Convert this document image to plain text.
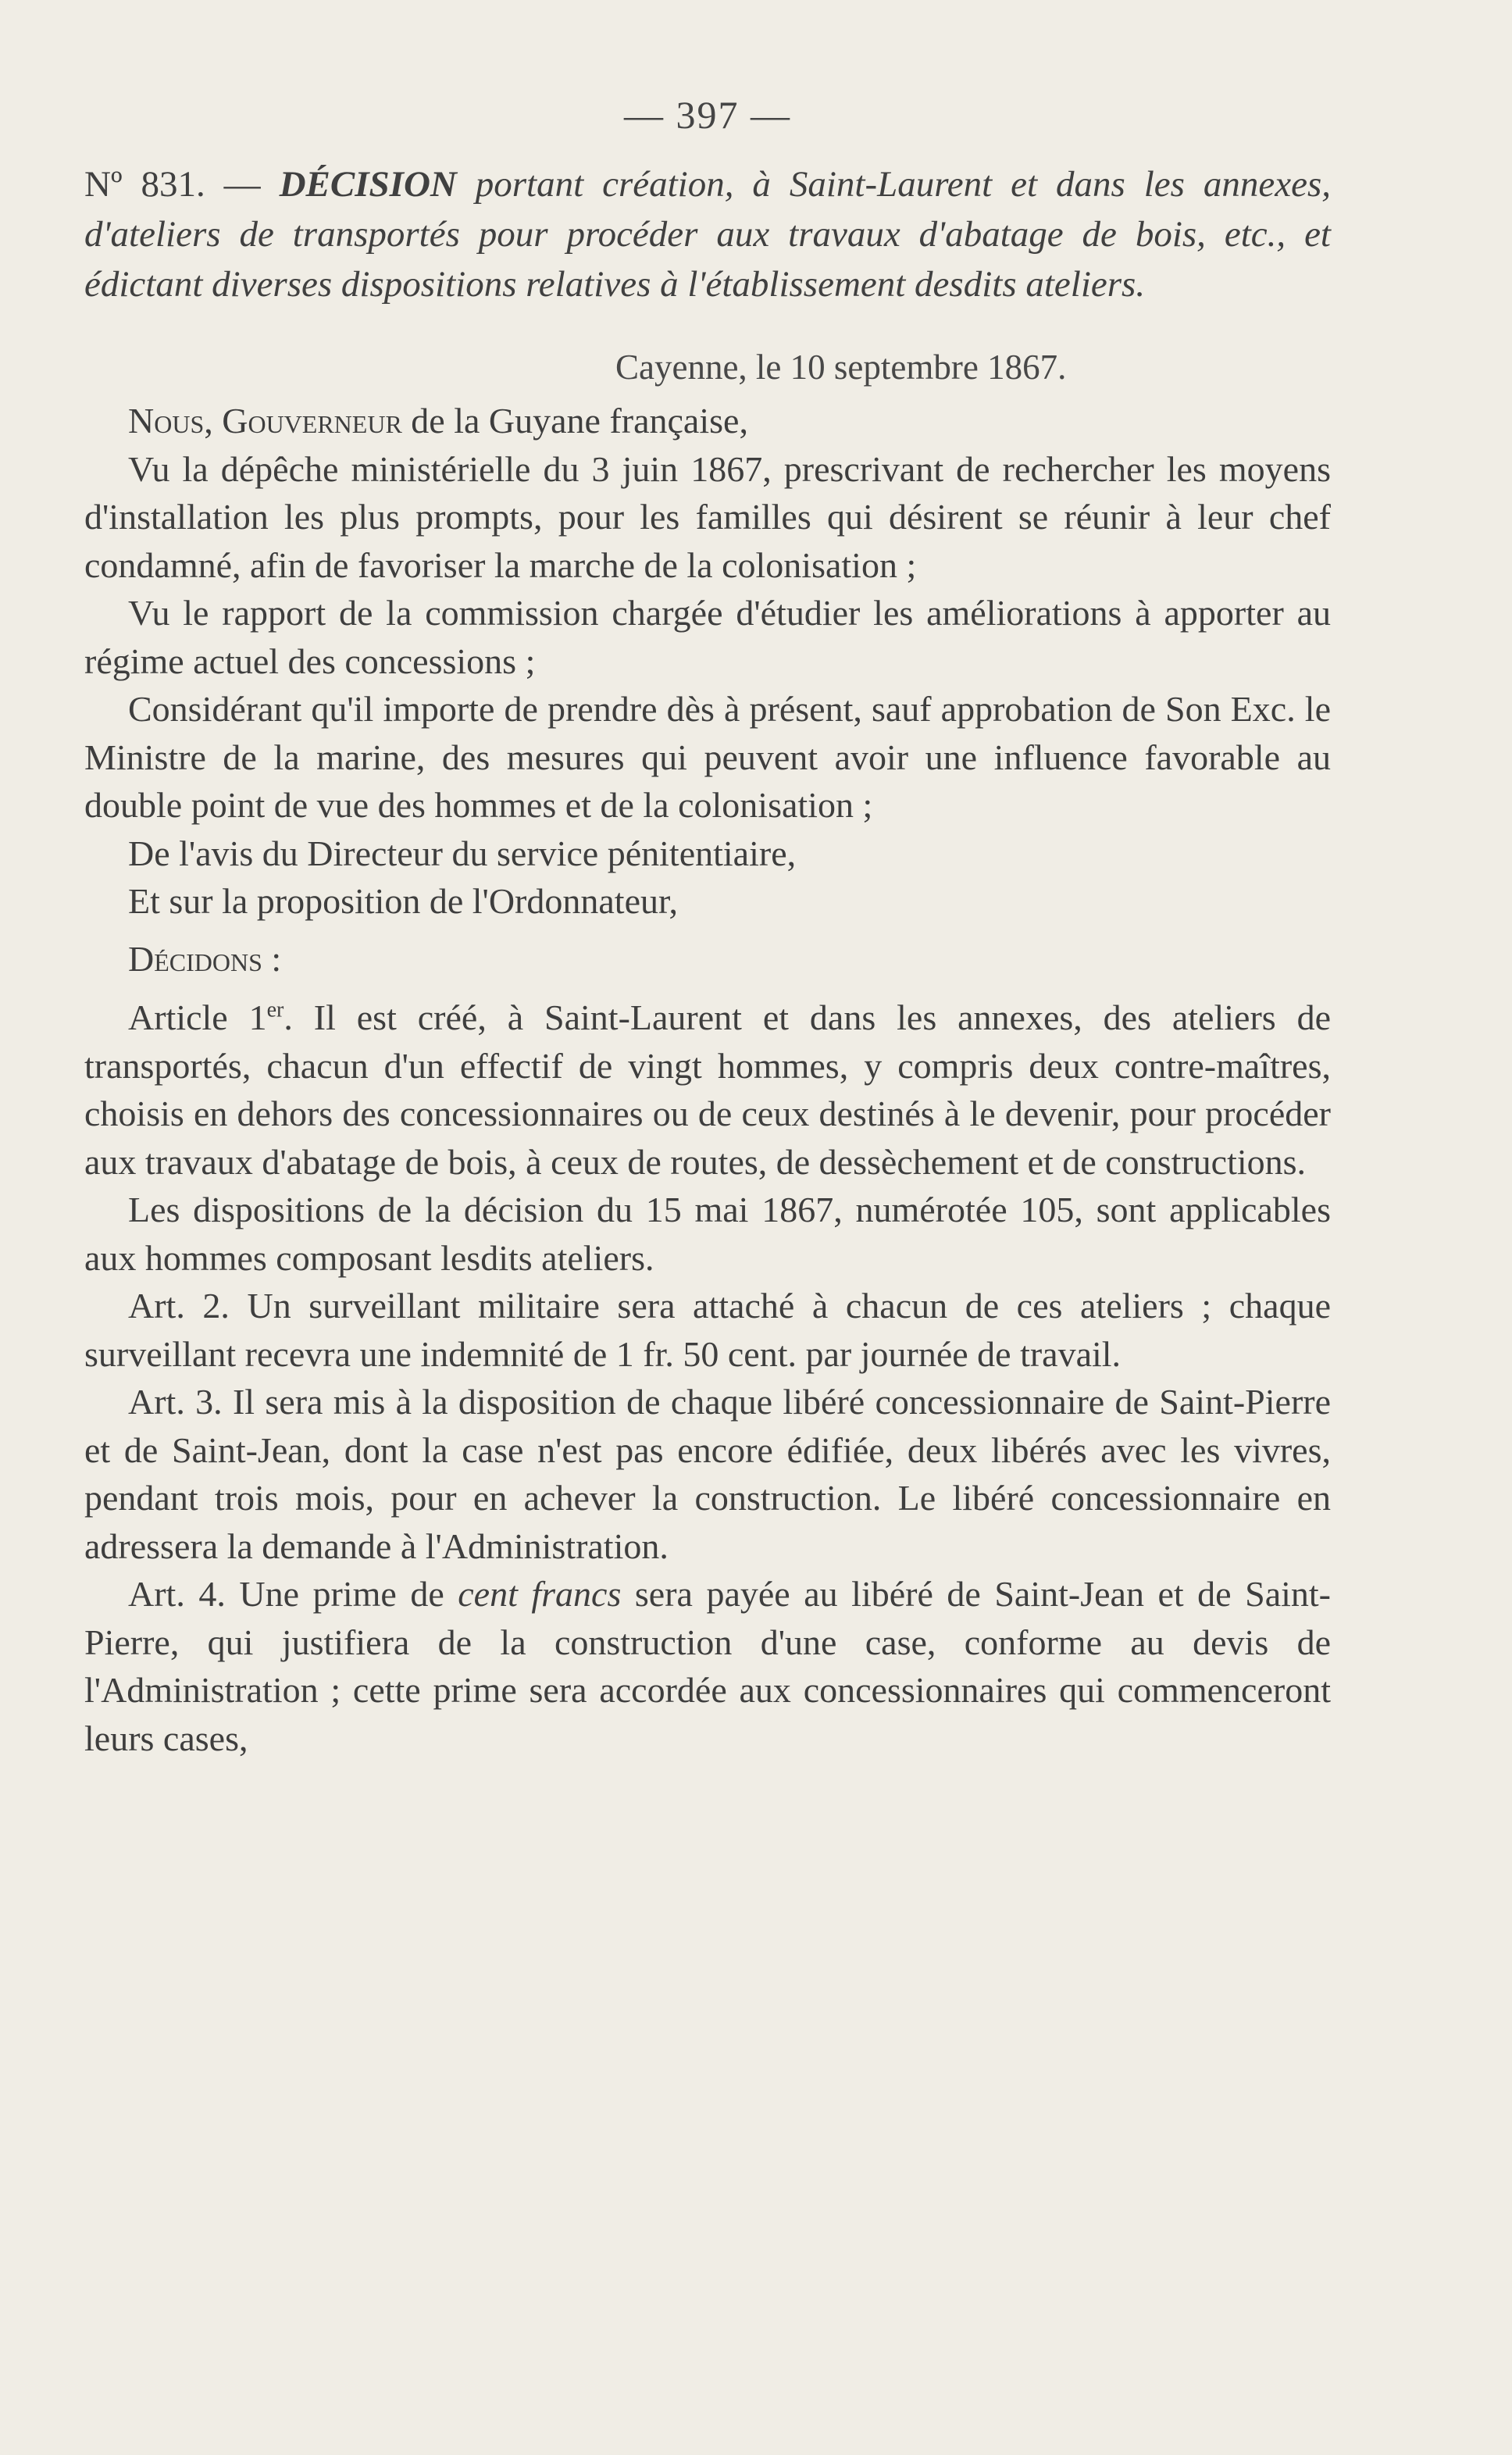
— 397 —
Nº 831. — DÉCISION portant création, à Saint-Laurent et dans les annexes, d'ateliers de transportés pour procéder aux travaux d'abatage de bois, etc., et édictant diverses dispositions relatives à l'établissement desdits ateliers.
Cayenne, le 10 septembre 1867.

Nous, Gouverneur de la Guyane française,

Vu la dépêche ministérielle du 3 juin 1867, prescrivant de rechercher les moyens d'installation les plus prompts, pour les familles qui désirent se réunir à leur chef condamné, afin de favoriser la marche de la colonisation ;

Vu le rapport de la commission chargée d'étudier les améliorations à apporter au régime actuel des concessions ;

Considérant qu'il importe de prendre dès à présent, sauf approbation de Son Exc. le Ministre de la marine, des mesures qui peuvent avoir une influence favorable au double point de vue des hommes et de la colonisation ;

De l'avis du Directeur du service pénitentiaire,

Et sur la proposition de l'Ordonnateur,

Décidons :

Article 1er. Il est créé, à Saint-Laurent et dans les annexes, des ateliers de transportés, chacun d'un effectif de vingt hommes, y compris deux contre-maîtres, choisis en dehors des concessionnaires ou de ceux destinés à le devenir, pour procéder aux travaux d'abatage de bois, à ceux de routes, de dessèchement et de constructions.

Les dispositions de la décision du 15 mai 1867, numérotée 105, sont applicables aux hommes composant lesdits ateliers.

Art. 2. Un surveillant militaire sera attaché à chacun de ces ateliers ; chaque surveillant recevra une indemnité de 1 fr. 50 cent. par journée de travail.

Art. 3. Il sera mis à la disposition de chaque libéré concessionnaire de Saint-Pierre et de Saint-Jean, dont la case n'est pas encore édifiée, deux libérés avec les vivres, pendant trois mois, pour en achever la construction. Le libéré concessionnaire en adressera la demande à l'Administration.

Art. 4. Une prime de cent francs sera payée au libéré de Saint-Jean et de Saint-Pierre, qui justifiera de la construction d'une case, conforme au devis de l'Administration ; cette prime sera accordée aux concessionnaires qui commenceront leurs cases,
